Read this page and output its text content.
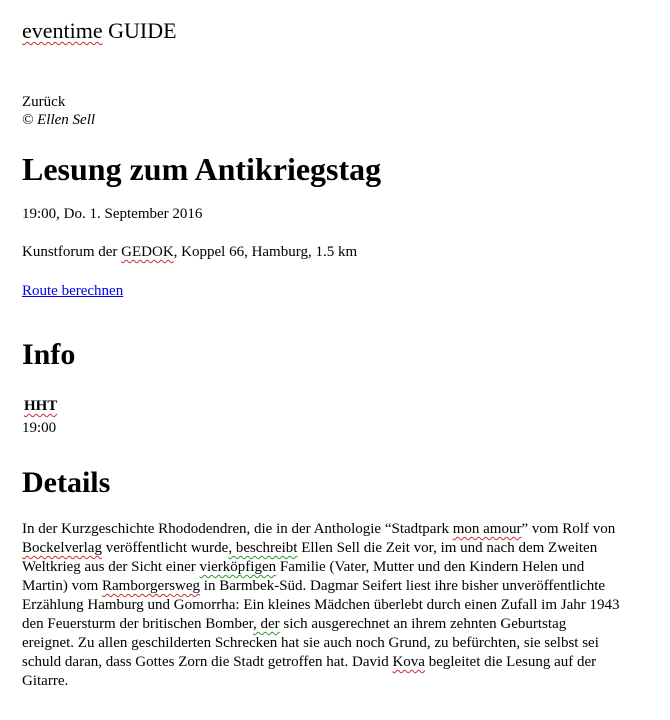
eventime GUIDE
Zurück
© Ellen Sell
Lesung zum Antikriegstag
19:00, Do. 1. September 2016
Kunstforum der GEDOK, Koppel 66, Hamburg, 1.5 km
Route berechnen
Info
HHT
19:00
Details

In der Kurzgeschichte Rhododendren, die in der Anthologie “Stadtpark mon amour” vom Rolf von Bockelverlag veröffentlicht wurde, beschreibt Ellen Sell die Zeit vor, im und nach dem Zweiten Weltkrieg aus der Sicht einer vierköpfigen Familie (Vater, Mutter und den Kindern Helen und Martin) vom Ramborgersweg in Barmbek-Süd. Dagmar Seifert liest ihre bisher unveröffentlichte Erzählung Hamburg und Gomorrha: Ein kleines Mädchen überlebt durch einen Zufall im Jahr 1943 den Feuersturm der britischen Bomber, der sich ausgerechnet an ihrem zehnten Geburtstag ereignet. Zu allen geschilderten Schrecken hat sie auch noch Grund, zu befürchten, sie selbst sei schuld daran, dass Gottes Zorn die Stadt getroffen hat. David Kova begleitet die Lesung auf der Gitarre.
